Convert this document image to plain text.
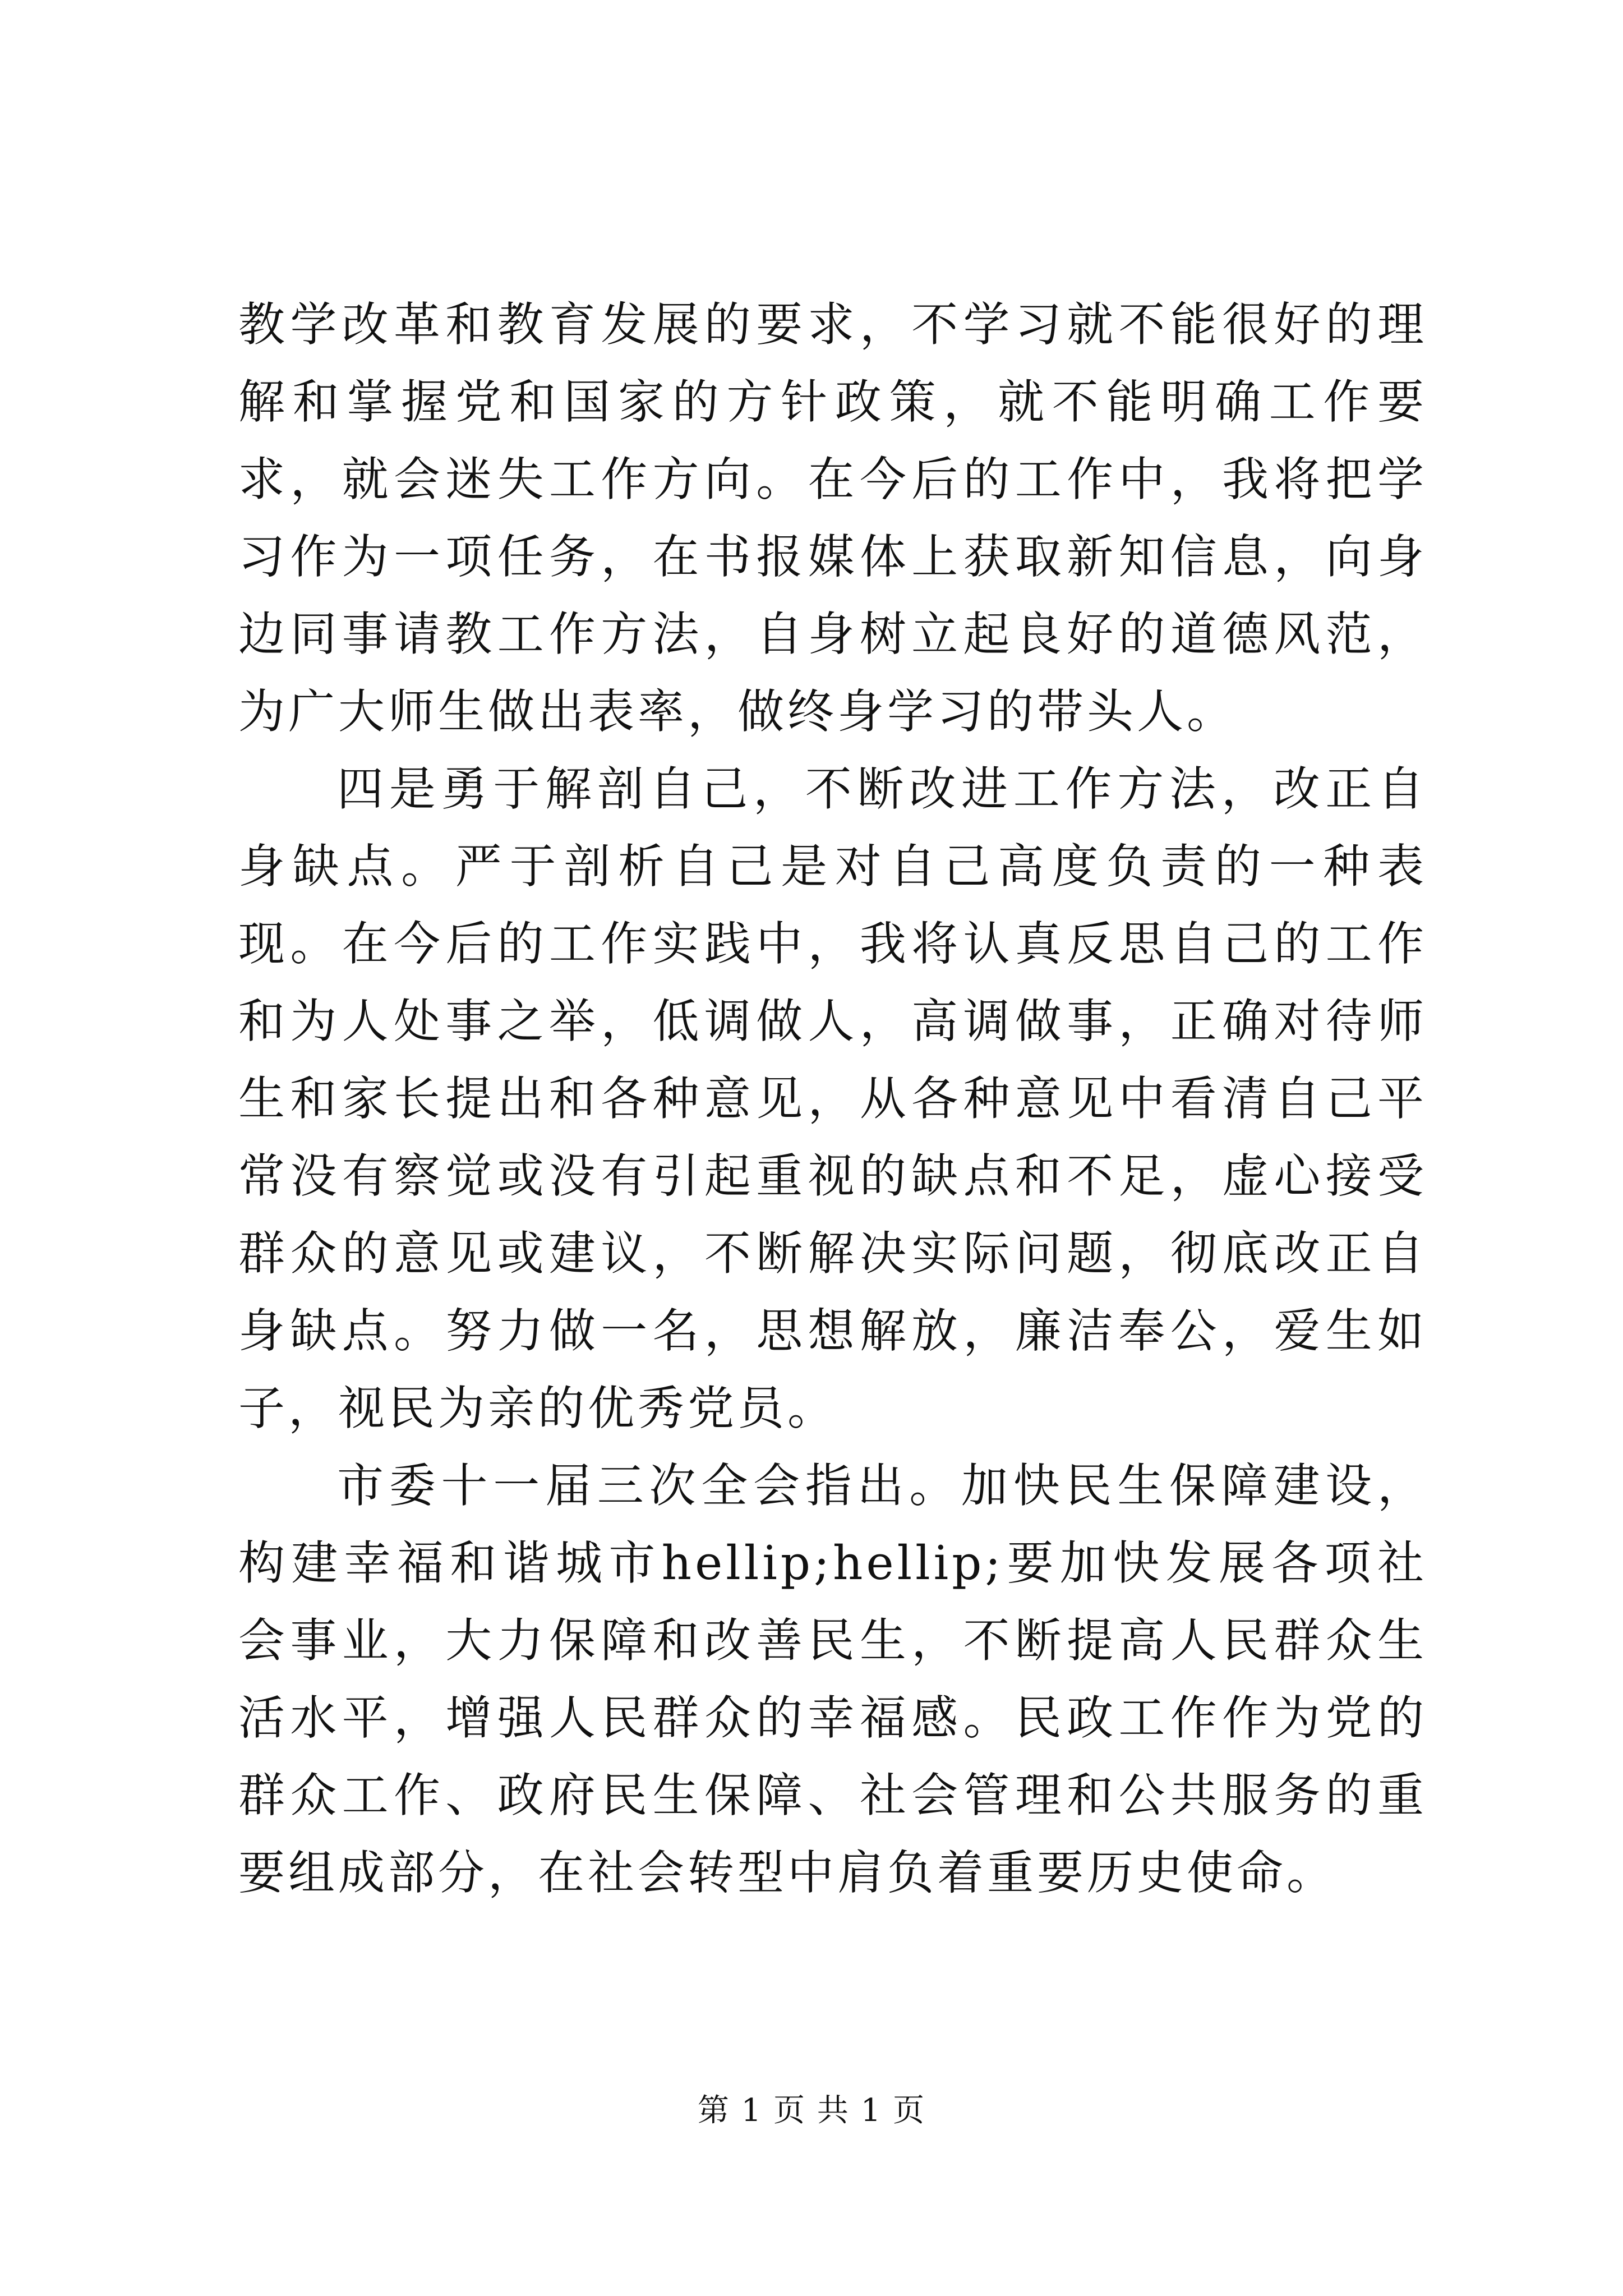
教学改革和教育发展的要求，不学习就不能很好的理解和掌握党和国家的方针政策，就不能明确工作要求，就会迷失工作方向。在今后的工作中，我将把学习作为一项任务，在书报媒体上获取新知信息，向身边同事请教工作方法，自身树立起良好的道德风范，为广大师生做出表率，做终身学习的带头人。

四是勇于解剖自己，不断改进工作方法，改正自身缺点。严于剖析自己是对自己高度负责的一种表现。在今后的工作实践中，我将认真反思自己的工作和为人处事之举，低调做人，高调做事，正确对待师生和家长提出和各种意见，从各种意见中看清自己平常没有察觉或没有引起重视的缺点和不足，虚心接受群众的意见或建议，不断解决实际问题，彻底改正自身缺点。努力做一名，思想解放，廉洁奉公，爱生如子，视民为亲的优秀党员。

市委十一届三次全会指出。加快民生保障建设，构建幸福和谐城市hellip;hellip;要加快发展各项社会事业，大力保障和改善民生，不断提高人民群众生活水平，增强人民群众的幸福感。民政工作作为党的群众工作、政府民生保障、社会管理和公共服务的重要组成部分，在社会转型中肩负着重要历史使命。

第 1 页 共 1 页
